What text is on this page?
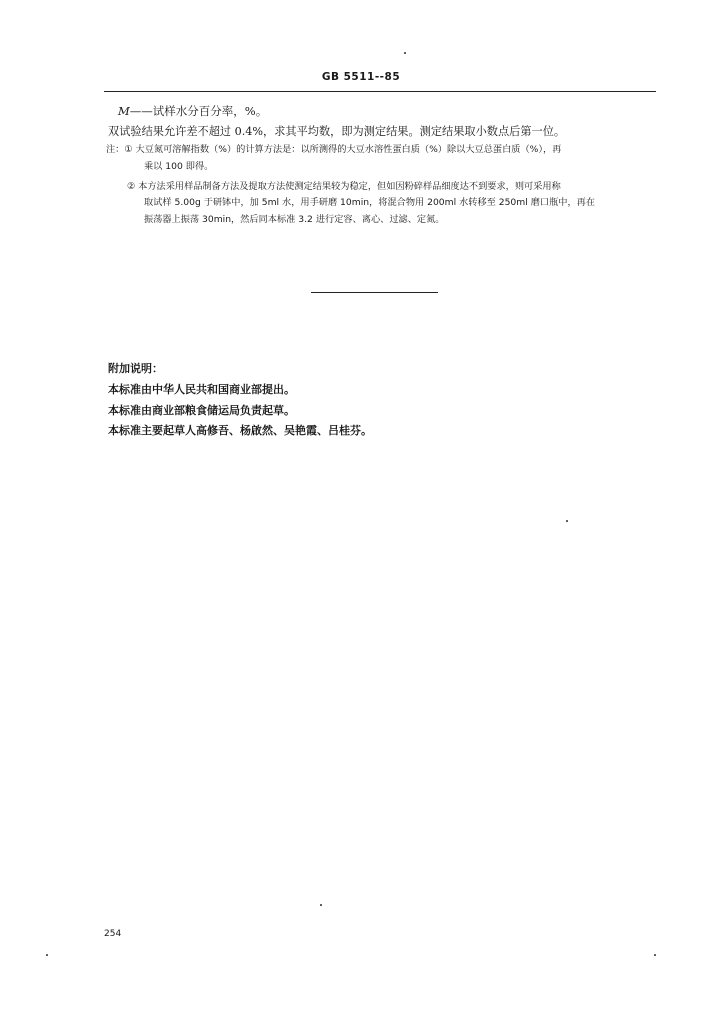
GB 5511--85
M——试样水分百分率，%。
双试验结果允许差不超过 0.4%，求其平均数，即为测定结果。测定结果取小数点后第一位。
注：① 大豆氮可溶解指数（%）的计算方法是：以所测得的大豆水溶性蛋白质（%）除以大豆总蛋白质（%），再
乘以 100 即得。
② 本方法采用样品制备方法及提取方法使测定结果较为稳定，但如因粉碎样品细度达不到要求，则可采用称
取试样 5.00g 于研钵中，加 5ml 水，用手研磨 10min，将混合物用 200ml 水转移至 250ml 磨口瓶中，再在
振荡器上振荡 30min，然后同本标准 3.2 进行定容、离心、过滤、定氮。
附加说明：
本标准由中华人民共和国商业部提出。
本标准由商业部粮食储运局负责起草。
本标准主要起草人高修吾、杨啟然、吴艳霞、吕桂芬。
254
